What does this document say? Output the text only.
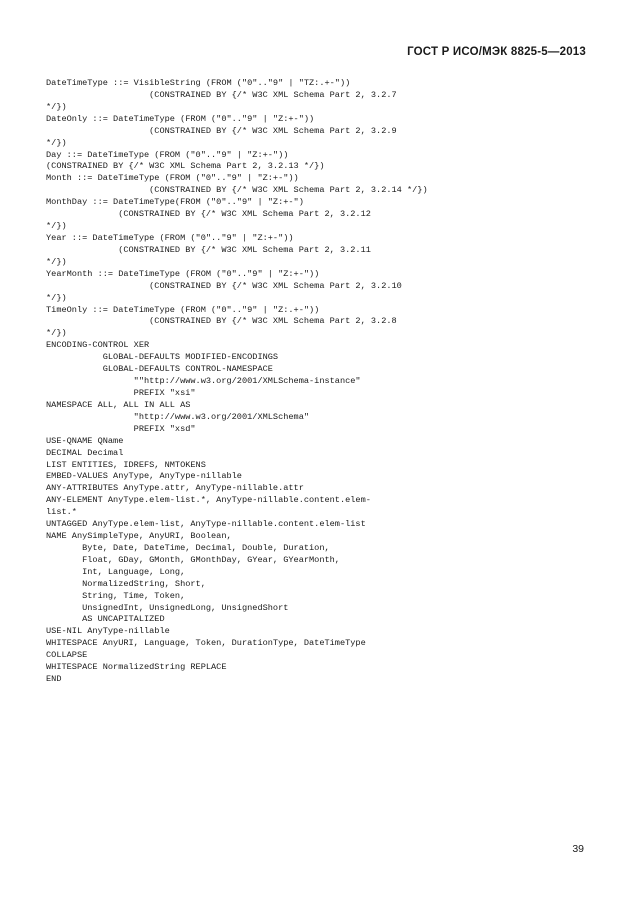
ГОСТ Р ИСО/МЭК 8825-5—2013
DateTimeType ::= VisibleString (FROM ("0".."9" | "TZ:.+-"))
(CONSTRAINED BY {/* W3C XML Schema Part 2, 3.2.7
*/})
DateOnly ::= DateTimeType (FROM ("0".."9" | "Z:+-"))
(CONSTRAINED BY {/* W3C XML Schema Part 2, 3.2.9
*/})
Day ::= DateTimeType (FROM ("0".."9" | "Z:+-"))
(CONSTRAINED BY {/* W3C XML Schema Part 2, 3.2.13 */})
Month ::= DateTimeType (FROM ("0".."9" | "Z:+-"))
(CONSTRAINED BY {/* W3C XML Schema Part 2, 3.2.14 */})
MonthDay ::= DateTimeType(FROM ("0".."9" | "Z:+-")
(CONSTRAINED BY {/* W3C XML Schema Part 2, 3.2.12
*/})
Year ::= DateTimeType (FROM ("0".."9" | "Z:+-"))
(CONSTRAINED BY {/* W3C XML Schema Part 2, 3.2.11
*/})
YearMonth ::= DateTimeType (FROM ("0".."9" | "Z:+-"))
(CONSTRAINED BY {/* W3C XML Schema Part 2, 3.2.10
*/})
TimeOnly ::= DateTimeType (FROM ("0".."9" | "Z:.+-"))
(CONSTRAINED BY {/* W3C XML Schema Part 2, 3.2.8
*/})
ENCODING-CONTROL XER
GLOBAL-DEFAULTS MODIFIED-ENCODINGS
GLOBAL-DEFAULTS CONTROL-NAMESPACE
""http://www.w3.org/2001/XMLSchema-instance"
PREFIX "xsi"
NAMESPACE ALL, ALL IN ALL AS
"http://www.w3.org/2001/XMLSchema"
PREFIX "xsd"
USE-QNAME QName
DECIMAL Decimal
LIST ENTITIES, IDREFS, NMTOKENS
EMBED-VALUES AnyType, AnyType-nillable
ANY-ATTRIBUTES AnyType.attr, AnyType-nillable.attr
ANY-ELEMENT AnyType.elem-list.*, AnyType-nillable.content.elem-
list.*
UNTAGGED AnyType.elem-list, AnyType-nillable.content.elem-list
NAME AnySimpleType, AnyURI, Boolean,
Byte, Date, DateTime, Decimal, Double, Duration,
Float, GDay, GMonth, GMonthDay, GYear, GYearMonth,
Int, Language, Long,
NormalizedString, Short,
String, Time, Token,
UnsignedInt, UnsignedLong, UnsignedShort
AS UNCAPITALIZED
USE-NIL AnyType-nillable
WHITESPACE AnyURI, Language, Token, DurationType, DateTimeType
COLLAPSE
WHITESPACE NormalizedString REPLACE
END
39
